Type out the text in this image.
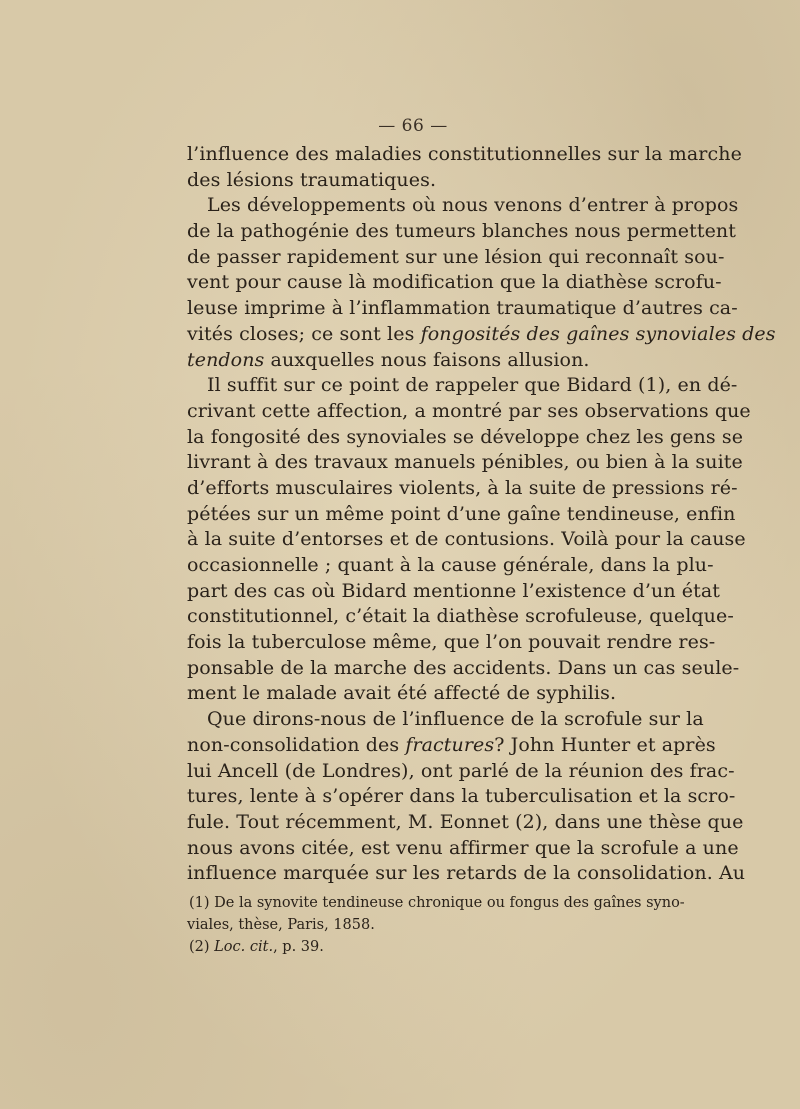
— 66 —
l’influence des maladies constitutionnelles sur la marche
des lésions traumatiques.
Les développements où nous venons d’entrer à propos
de la pathogénie des tumeurs blanches nous permettent
de passer rapidement sur une lésion qui reconnaît sou-
vent pour cause là modification que la diathèse scrofu-
leuse imprime à l’inflammation traumatique d’autres ca-
vités closes; ce sont les fongosités des gaînes synoviales des
tendons auxquelles nous faisons allusion.
Il suffit sur ce point de rappeler que Bidard (1), en dé-
crivant cette affection, a montré par ses observations que
la fongosité des synoviales se développe chez les gens se
livrant à des travaux manuels pénibles, ou bien à la suite
d’efforts musculaires violents, à la suite de pressions ré-
pétées sur un même point d’une gaîne tendineuse, enfin
à la suite d’entorses et de contusions. Voilà pour la cause
occasionnelle ; quant à la cause générale, dans la plu-
part des cas où Bidard mentionne l’existence d’un état
constitutionnel, c’était la diathèse scrofuleuse, quelque-
fois la tuberculose même, que l’on pouvait rendre res-
ponsable de la marche des accidents. Dans un cas seule-
ment le malade avait été affecté de syphilis.
Que dirons-nous de l’influence de la scrofule sur la
non-consolidation des fractures? John Hunter et après
lui Ancell (de Londres), ont parlé de la réunion des frac-
tures, lente à s’opérer dans la tuberculisation et la scro-
fule. Tout récemment, M. Eonnet (2), dans une thèse que
nous avons citée, est venu affirmer que la scrofule a une
influence marquée sur les retards de la consolidation. Au
(1) De la synovite tendineuse chronique ou fongus des gaînes syno-
viales, thèse, Paris, 1858.
(2) Loc. cit., p. 39.
